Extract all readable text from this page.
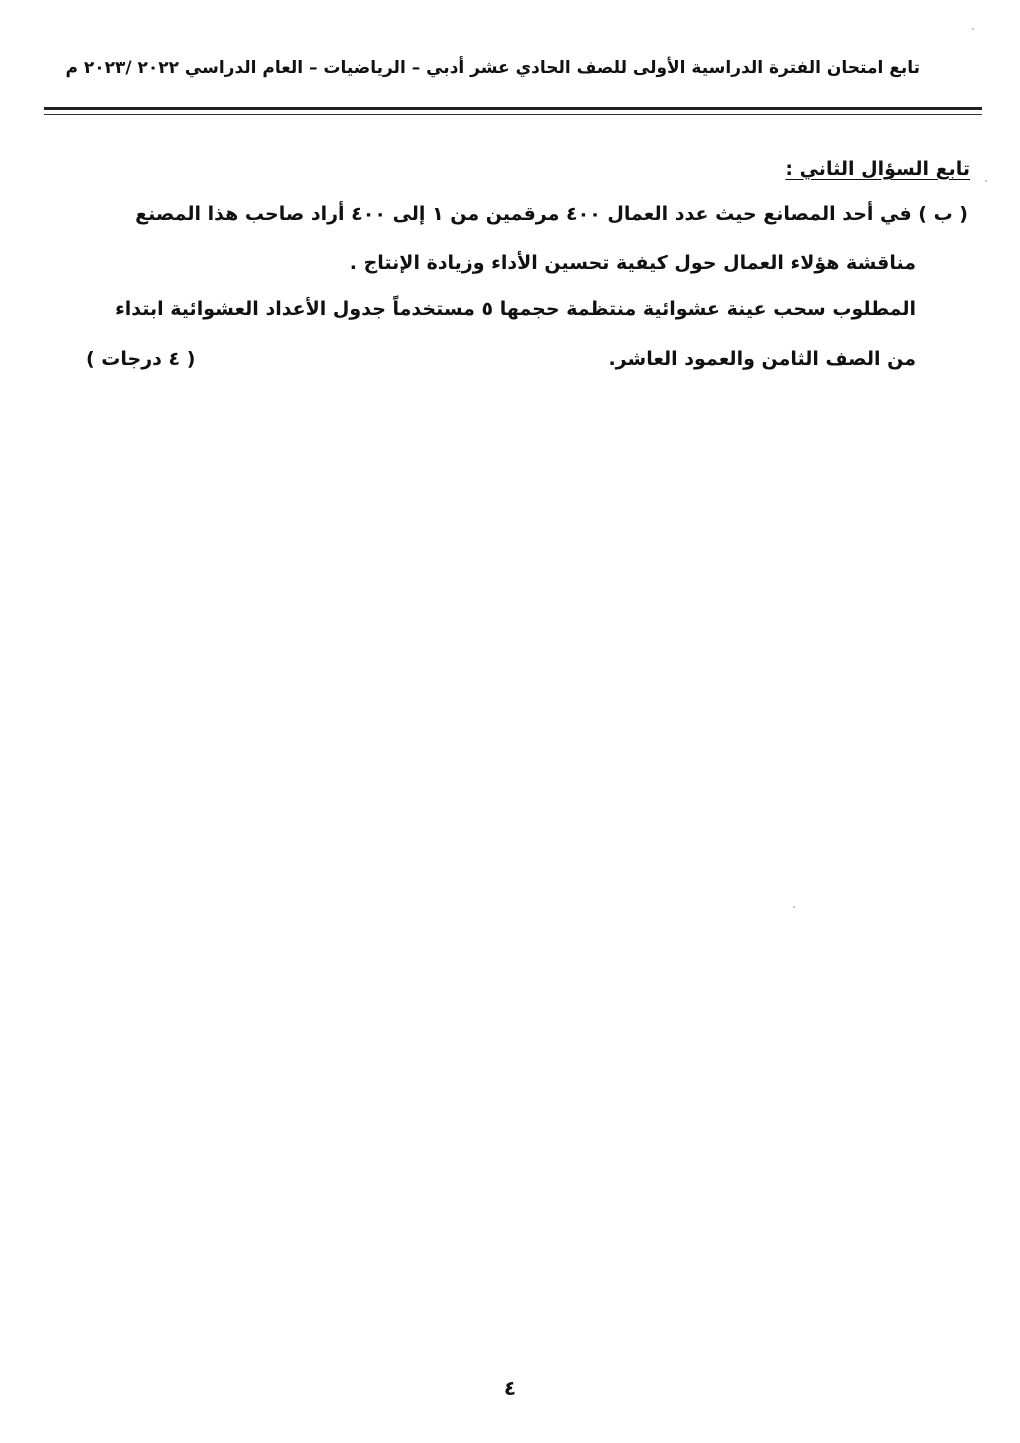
تابع امتحان الفترة الدراسية الأولى للصف الحادي عشر أدبي – الرياضيات – العام الدراسي ٢٠٢٢ /٢٠٢٣ م
تابع السؤال الثاني :
( ب ) في أحد المصانع حيث عدد العمال ٤٠٠ مرقمين من ١ إلى ٤٠٠ أراد صاحب هذا المصنع
مناقشة هؤلاء العمال حول كيفية تحسين الأداء وزيادة الإنتاج .
المطلوب سحب عينة عشوائية منتظمة حجمها ٥ مستخدماً جدول الأعداد العشوائية ابتداء
من الصف الثامن والعمود العاشر.
( ٤ درجات )
٤
